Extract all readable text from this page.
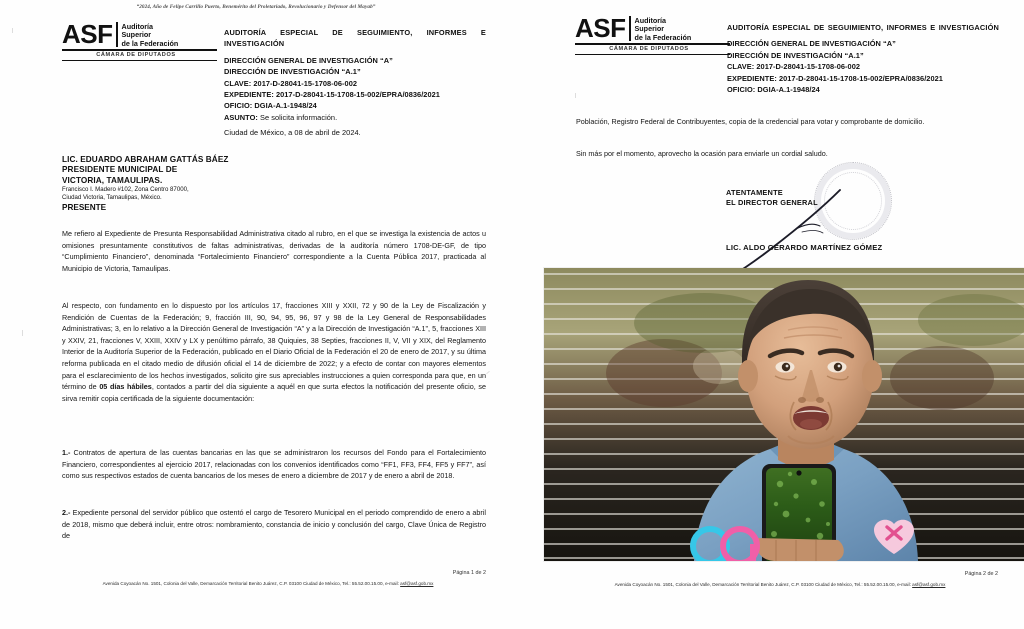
“2024, Año de Felipe Carrillo Puerto, Benemérito del Proletariado, Revolucionario y Defensor del Mayab”
ASF Auditoría
Superior
de la Federación
CÁMARA DE DIPUTADOS
AUDITORÍA ESPECIAL DE SEGUIMIENTO, INFORMES E INVESTIGACIÓN
DIRECCIÓN GENERAL DE INVESTIGACIÓN “A”
DIRECCIÓN DE INVESTIGACIÓN “A.1”
CLAVE: 2017-D-28041-15-1708-06-002
EXPEDIENTE: 2017-D-28041-15-1708-15-002/EPRA/0836/2021
OFICIO: DGIA-A.1-1948/24
ASUNTO: Se solicita información.
Ciudad de México, a 08 de abril de 2024.
LIC. EDUARDO ABRAHAM GATTÁS BÁEZ
PRESIDENTE MUNICIPAL DE
VICTORIA, TAMAULIPAS.
Francisco I. Madero #102, Zona Centro 87000,
Ciudad Victoria, Tamaulipas, México.
PRESENTE
Me refiero al Expediente de Presunta Responsabilidad Administrativa citado al rubro, en el que se investiga la existencia de actos u omisiones presuntamente constitutivos de faltas administrativas, derivadas de la auditoría número 1708-DE-GF, de tipo “Cumplimiento Financiero”, denominada “Fortalecimiento Financiero” correspondiente a la Cuenta Pública 2017, practicada al Municipio de Victoria, Tamaulipas.
Al respecto, con fundamento en lo dispuesto por los artículos 17, fracciones XIII y XXII, 72 y 90 de la Ley de Fiscalización y Rendición de Cuentas de la Federación; 9, fracción III, 90, 94, 95, 96, 97 y 98 de la Ley General de Responsabilidades Administrativas; 3, en lo relativo a la Dirección General de Investigación “A” y a la Dirección de Investigación “A.1”, 5, fracciones XIII y XXIV, 21, fracciones V, XXIII, XXIV y LX y penúltimo párrafo, 38 Quiquies, 38 Septies, fracciones II, V, VII y XIX, del Reglamento Interior de la Auditoría Superior de la Federación, publicado en el Diario Oficial de la Federación el 20 de enero de 2017, y su última reforma publicada en el citado medio de difusión oficial el 14 de diciembre de 2022; y a efecto de contar con mayores elementos para el esclarecimiento de los hechos investigados, solicito gire sus apreciables instrucciones a quien corresponda para que, en un término de 05 días hábiles, contados a partir del día siguiente a aquél en que surta efectos la notificación del presente oficio, se sirva remitir copia certificada de la siguiente documentación:
1.- Contratos de apertura de las cuentas bancarias en las que se administraron los recursos del Fondo para el Fortalecimiento Financiero, correspondientes al ejercicio 2017, relacionadas con los convenios identificados como “FF1, FF3, FF4, FF5 y FF7”, así como sus respectivos estados de cuenta bancarios de los meses de enero a diciembre de 2017 y de enero a abril de 2018.
2.- Expediente personal del servidor público que ostentó el cargo de Tesorero Municipal en el periodo comprendido de enero a abril de 2018, mismo que deberá incluir, entre otros: nombramiento, constancia de inicio y conclusión del cargo, Clave Única de Registro de
Página 1 de 2
Avenida Coyoacán No. 1501, Colonia del Valle, Demarcación Territorial Benito Juárez, C.P. 03100 Ciudad de México, Tel.: 55.52.00.15.00, e-mail: asf@asf.gob.mx
ASF Auditoría
Superior
de la Federación
CÁMARA DE DIPUTADOS
AUDITORÍA ESPECIAL DE SEGUIMIENTO, INFORMES E INVESTIGACIÓN
DIRECCIÓN GENERAL DE INVESTIGACIÓN “A”
DIRECCIÓN DE INVESTIGACIÓN “A.1”
CLAVE: 2017-D-28041-15-1708-06-002
EXPEDIENTE: 2017-D-28041-15-1708-15-002/EPRA/0836/2021
OFICIO: DGIA-A.1-1948/24
Población, Registro Federal de Contribuyentes, copia de la credencial para votar y comprobante de domicilio.
Sin más por el momento, aprovecho la ocasión para enviarle un cordial saludo.
ATENTAMENTE
EL DIRECTOR GENERAL
LIC. ALDO GERARDO MARTÍNEZ GÓMEZ
Página 2 de 2
Avenida Coyoacán No. 1501, Colonia del Valle, Demarcación Territorial Benito Juárez, C.P. 03100 Ciudad de México, Tel.: 55.52.00.15.00, e-mail: asf@asf.gob.mx
